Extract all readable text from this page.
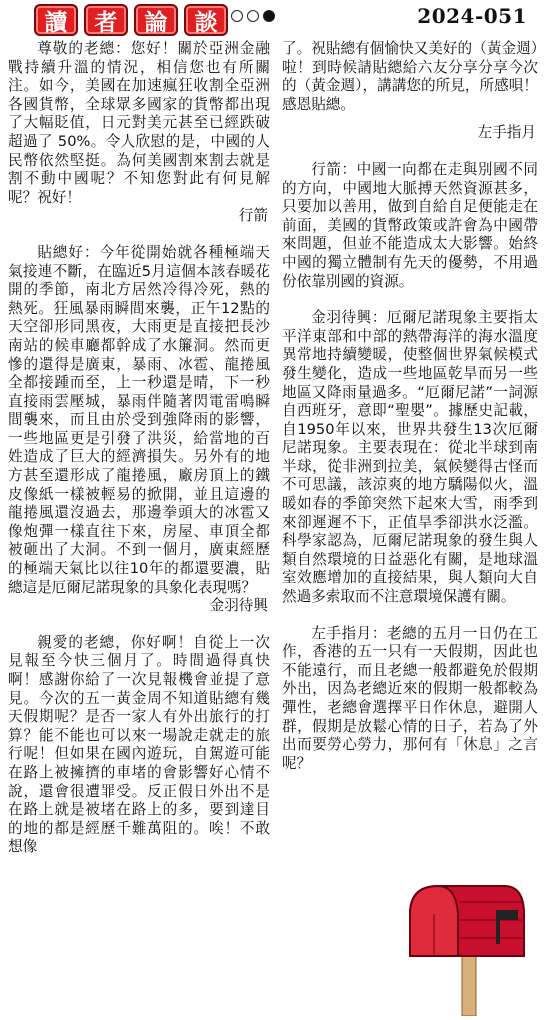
讀	者	論	談	2024-051

尊敬的老總：您好！關於亞洲金融戰持續升溫的情況，相信您也有所關注。如今，美國在加速瘋狂收割全亞洲各國貨幣，全球眾多國家的貨幣都出現了大幅貶值，日元對美元甚至已經跌破超過了 50%。令人欣慰的是，中國的人民幣依然堅挺。為何美國割來割去就是割不動中國呢？不知您對此有何見解呢？祝好！

行箭

貼總好：今年從開始就各種極端天氣接連不斷，在臨近5月這個本該春暖花開的季節，南北方居然冷得冷死，熱的熱死。狂風暴雨瞬間來襲，正午12點的天空卻形同黑夜，大雨更是直接把長沙南站的候車廳都幹成了水簾洞。然而更慘的還得是廣東，暴雨、冰雹、龍捲風全都接踵而至，上一秒還是晴，下一秒直接雨雲壓城，暴雨伴隨著閃電雷鳴瞬間襲來，而且由於受到強降雨的影響，一些地區更是引發了洪災，給當地的百姓造成了巨大的經濟損失。另外有的地方甚至還形成了龍捲風，廠房頂上的鐵皮像紙一樣被輕易的掀開，並且這邊的龍捲風還沒過去，那邊拳頭大的冰雹又像炮彈一樣直往下來，房屋、車頂全都被砸出了大洞。不到一個月，廣東經歷的極端天氣比以往10年的都還要濃，貼總這是厄爾尼諾現象的具象化表現嗎？

金羽待興

親愛的老總，你好啊！自從上一次見報至今快三個月了。時間過得真快啊！感謝你給了一次見報機會並提了意見。今次的五一黃金周不知道貼總有幾天假期呢？是否一家人有外出旅行的打算？能不能也可以來一場說走就走的旅行呢！但如果在國內遊玩，自駕遊可能在路上被擁擠的車堵的會影響好心情不說，還會很遭罪受。反正假日外出不是在路上就是被堵在路上的多，要到達目的地的都是經歷千難萬阻的。唉！不敢想像

了。祝貼總有個愉快又美好的（黃金週）啦！到時候請貼總給六友分享分享今次的（黃金週），講講您的所見，所感唄！感恩貼總。

左手指月

行箭：中國一向都在走與別國不同的方向，中國地大脈搏天然資源甚多，只要加以善用，做到自給自足便能走在前面，美國的貨幣政策或許會為中國帶來問題，但並不能造成太大影響。始終中國的獨立體制有先天的優勢，不用過份依靠別國的資源。

金羽待興：厄爾尼諾現象主要指太平洋東部和中部的熱帶海洋的海水溫度異常地持續變暖，使整個世界氣候模式發生變化，造成一些地區乾旱而另一些地區又降雨量過多。“厄爾尼諾”一詞源自西班牙，意即“聖嬰”。據歷史記載，自1950年以來，世界共發生13次厄爾尼諾現象。主要表現在：從北半球到南半球，從非洲到拉美，氣候變得古怪而不可思議，該涼爽的地方驕陽似火，溫暖如春的季節突然下起來大雪，雨季到來卻遲遲不下，正值旱季卻洪水泛濫。科學家認為，厄爾尼諾現象的發生與人類自然環境的日益惡化有關，是地球溫室效應增加的直接結果，與人類向大自然過多索取而不注意環境保護有關。

左手指月：老總的五月一日仍在工作，香港的五一只有一天假期，因此也不能遠行，而且老總一般都避免於假期外出，因為老總近來的假期一般都較為彈性，老總會選擇平日作休息，避開人群，假期是放鬆心情的日子，若為了外出而要勞心勞力，那何有「休息」之言呢？
